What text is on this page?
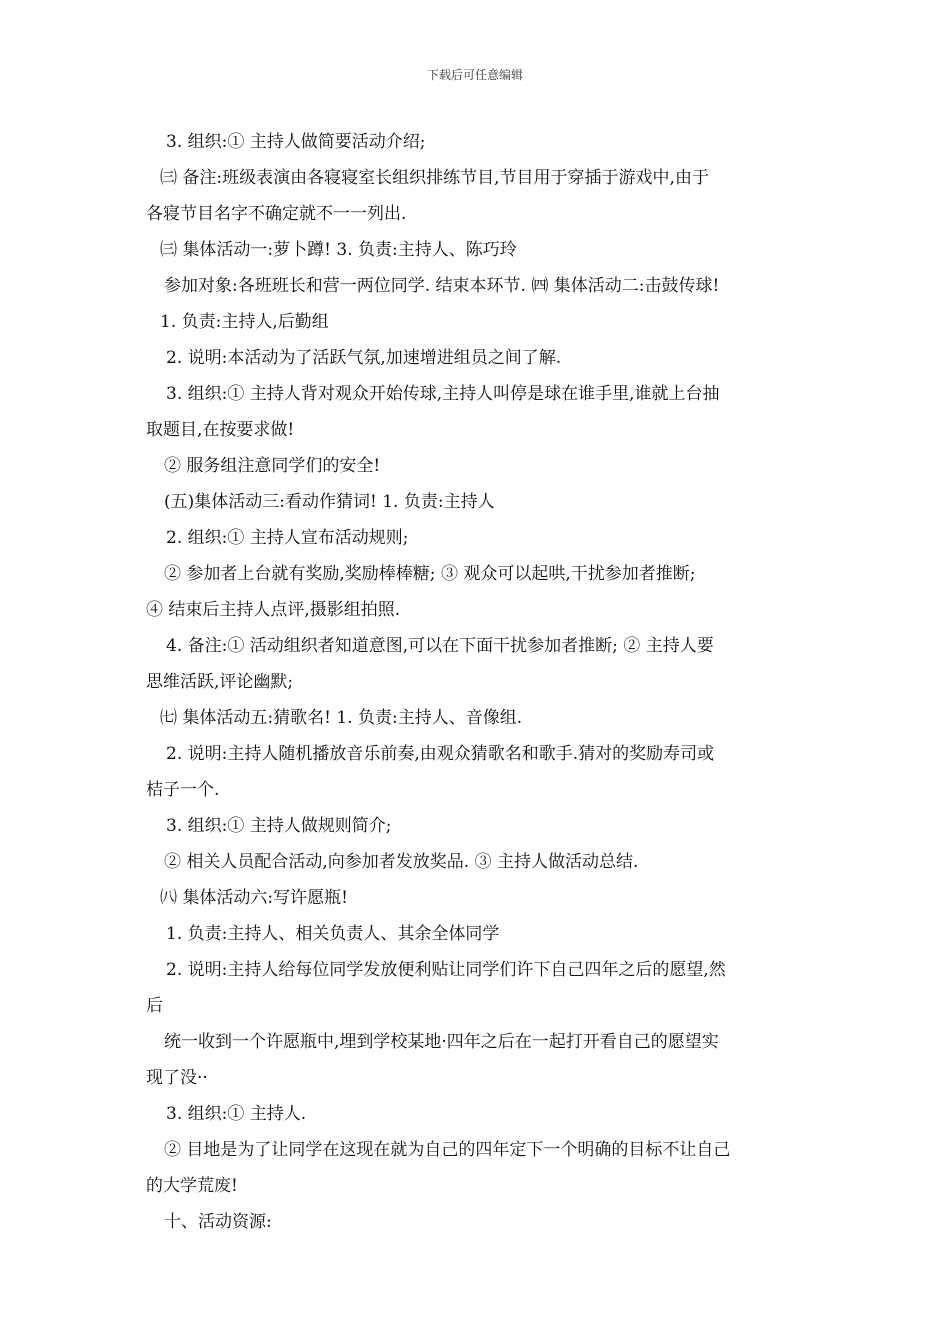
下载后可任意编辑
3. 组织:① 主持人做简要活动介绍;
㈢ 备注:班级表演由各寝寝室长组织排练节目,节目用于穿插于游戏中,由于
各寝节目名字不确定就不一一列出.
㈢ 集体活动一:萝卜蹲! 3. 负责:主持人、陈巧玲
参加对象:各班班长和营一两位同学. 结束本环节. ㈣ 集体活动二:击鼓传球!
1. 负责:主持人,后勤组
2. 说明:本活动为了活跃气氛,加速增进组员之间了解.
3. 组织:① 主持人背对观众开始传球,主持人叫停是球在谁手里,谁就上台抽
取题目,在按要求做!
② 服务组注意同学们的安全!
(五)集体活动三:看动作猜词! 1. 负责:主持人
2. 组织:① 主持人宣布活动规则;
② 参加者上台就有奖励,奖励棒棒糖; ③ 观众可以起哄,干扰参加者推断;
④ 结束后主持人点评,摄影组拍照.
4. 备注:① 活动组织者知道意图,可以在下面干扰参加者推断; ② 主持人要
思维活跃,评论幽默;
㈦ 集体活动五:猜歌名! 1. 负责:主持人、音像组.
2. 说明:主持人随机播放音乐前奏,由观众猜歌名和歌手.猜对的奖励寿司或
桔子一个.
3. 组织:① 主持人做规则简介;
② 相关人员配合活动,向参加者发放奖品. ③ 主持人做活动总结.
㈧ 集体活动六:写许愿瓶!
1. 负责:主持人、相关负责人、其余全体同学
2. 说明:主持人给每位同学发放便利贴让同学们许下自己四年之后的愿望,然
后
统一收到一个许愿瓶中,埋到学校某地·四年之后在一起打开看自己的愿望实
现了没··
3. 组织:① 主持人.
② 目地是为了让同学在这现在就为自己的四年定下一个明确的目标不让自己
的大学荒废!
十、活动资源:
